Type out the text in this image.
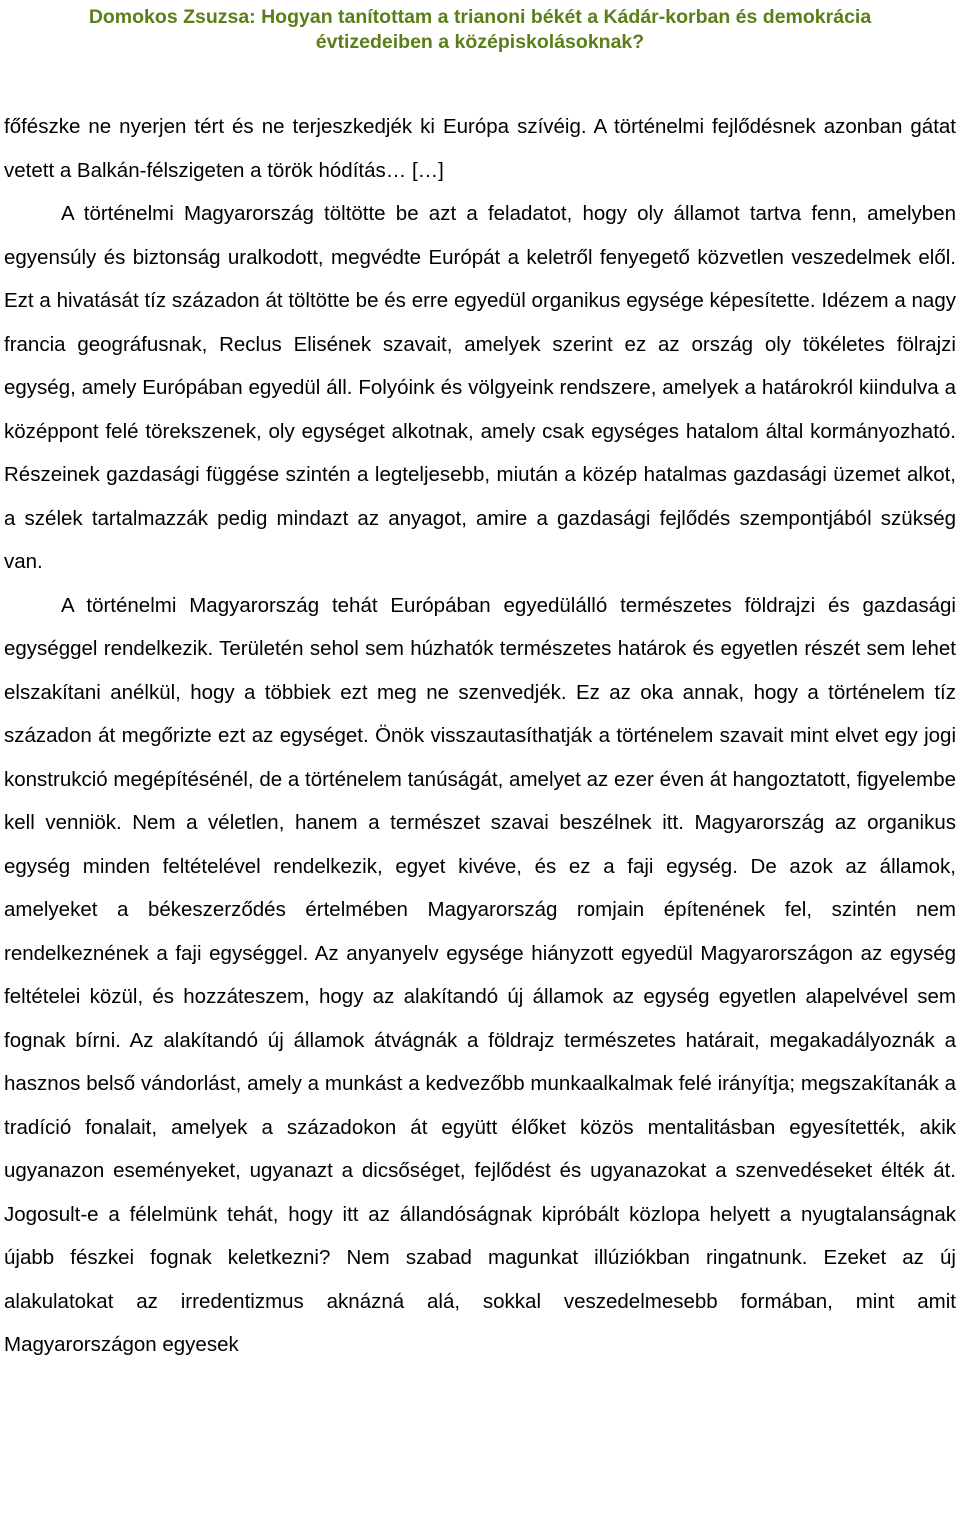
Domokos Zsuzsa: Hogyan tanítottam a trianoni békét a Kádár-korban és demokrácia
évtizedeiben a középiskolásoknak?

főfészke ne nyerjen tért és ne terjeszkedjék ki Európa szívéig. A történelmi fejlődésnek azonban gátat vetett a Balkán-félszigeten a török hódítás… […]

A történelmi Magyarország töltötte be azt a feladatot, hogy oly államot tartva fenn, amelyben egyensúly és biztonság uralkodott, megvédte Európát a keletről fenyegető közvetlen veszedelmek elől. Ezt a hivatását tíz századon át töltötte be és erre egyedül organikus egysége képesítette. Idézem a nagy francia geográfusnak, Reclus Elisének szavait, amelyek szerint ez az ország oly tökéletes fölrajzi egység, amely Európában egyedül áll. Folyóink és völgyeink rendszere, amelyek a határokról kiindulva a középpont felé törekszenek, oly egységet alkotnak, amely csak egységes hatalom által kormányozható. Részeinek gazdasági függése szintén a legteljesebb, miután a közép hatalmas gazdasági üzemet alkot, a szélek tartalmazzák pedig mindazt az anyagot, amire a gazdasági fejlődés szempontjából szükség van.

A történelmi Magyarország tehát Európában egyedülálló természetes földrajzi és gazdasági egységgel rendelkezik. Területén sehol sem húzhatók természetes határok és egyetlen részét sem lehet elszakítani anélkül, hogy a többiek ezt meg ne szenvedjék. Ez az oka annak, hogy a történelem tíz századon át megőrizte ezt az egységet. Önök visszautasíthatják a történelem szavait mint elvet egy jogi konstrukció megépítésénél, de a történelem tanúságát, amelyet az ezer éven át hangoztatott, figyelembe kell venniök. Nem a véletlen, hanem a természet szavai beszélnek itt. Magyarország az organikus egység minden feltételével rendelkezik, egyet kivéve, és ez a faji egység. De azok az államok, amelyeket a békeszerződés értelmében Magyarország romjain építenének fel, szintén nem rendelkeznének a faji egységgel. Az anyanyelv egysége hiányzott egyedül Magyarországon az egység feltételei közül, és hozzáteszem, hogy az alakítandó új államok az egység egyetlen alapelvével sem fognak bírni. Az alakítandó új államok átvágnák a földrajz természetes határait, megakadályoznák a hasznos belső vándorlást, amely a munkást a kedvezőbb munkaalkalmak felé irányítja; megszakítanák a tradíció fonalait, amelyek a századokon át együtt élőket közös mentalitásban egyesítették, akik ugyanazon eseményeket, ugyanazt a dicsőséget, fejlődést és ugyanazokat a szenvedéseket élték át. Jogosult-e a félelmünk tehát, hogy itt az állandóságnak kipróbált közlopa helyett a nyugtalanságnak újabb fészkei fognak keletkezni? Nem szabad magunkat illúziókban ringatnunk. Ezeket az új alakulatokat az irredentizmus aknázná alá, sokkal veszedelmesebb formában, mint amit Magyarországon egyesek
